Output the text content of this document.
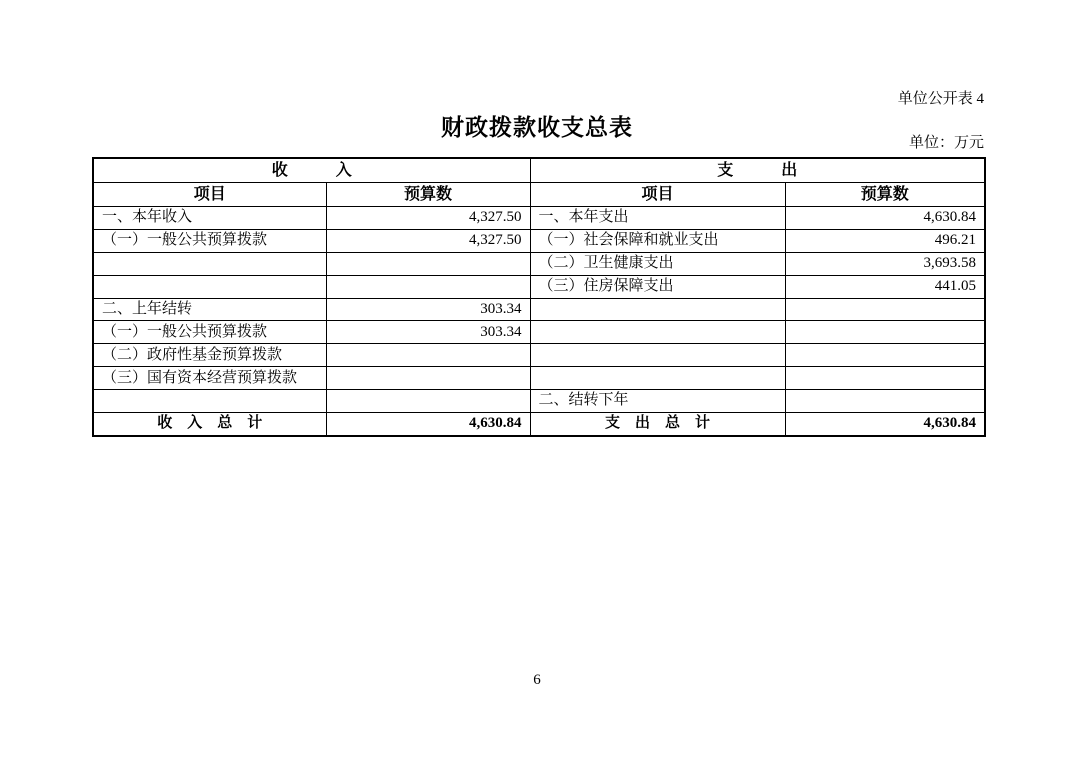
单位公开表 4
财政拨款收支总表
单位：万元
收　　　入		支　　　出	
项目	预算数	项目	预算数
一、本年收入	4,327.50	一、本年支出	4,630.84
（一）一般公共预算拨款	4,327.50	（一）社会保障和就业支出	496.21
		（二）卫生健康支出	3,693.58
		（三）住房保障支出	441.05
二、上年结转	303.34		
（一）一般公共预算拨款	303.34		
（二）政府性基金预算拨款			
（三）国有资本经营预算拨款			
		二、结转下年	
收　入　总　计	4,630.84	支　出　总　计	4,630.84
6
